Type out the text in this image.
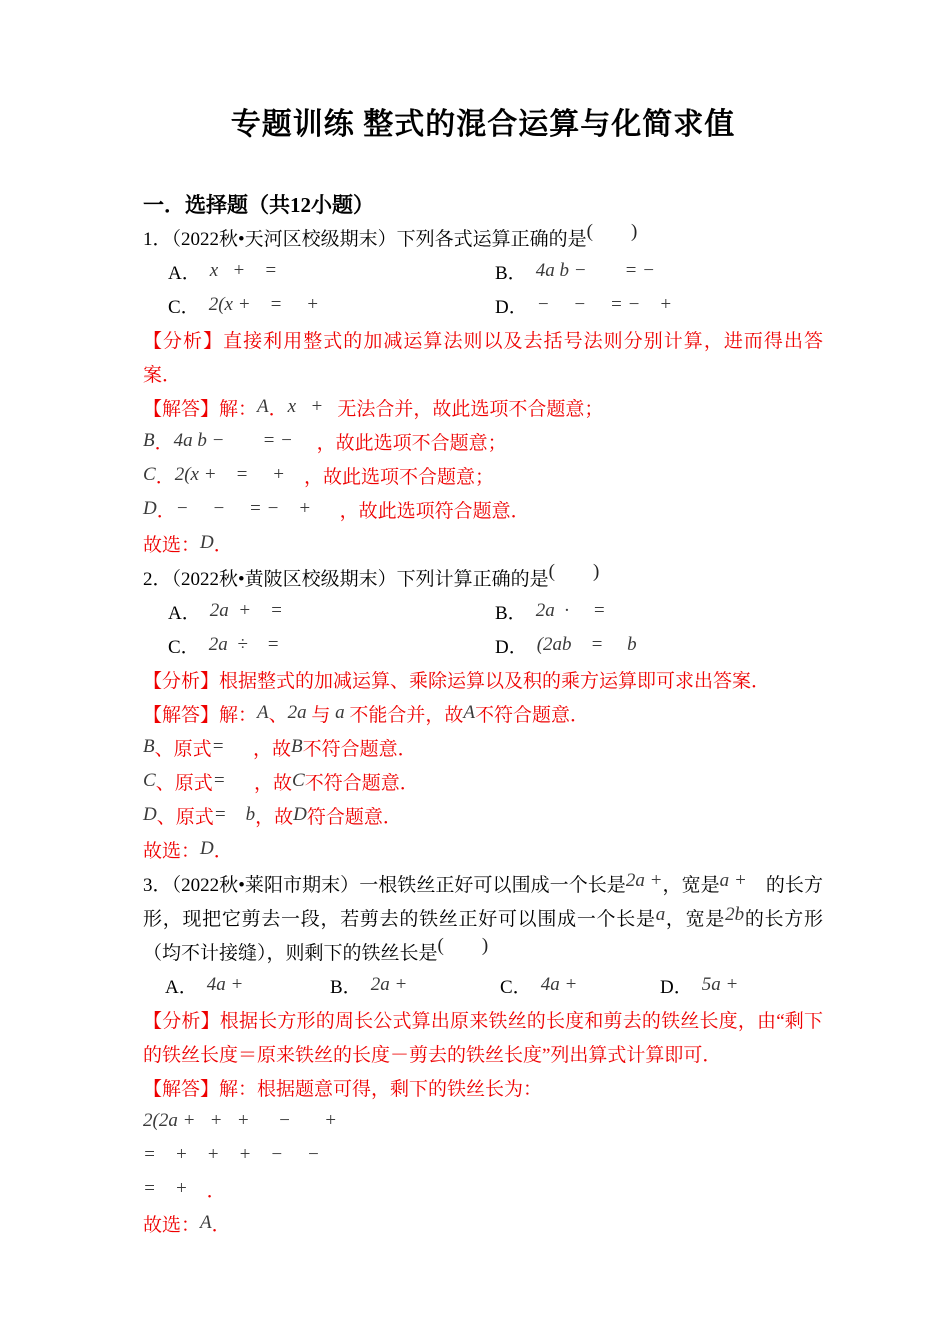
专题训练 整式的混合运算与化简求值
一．选择题（共12小题）
1．（2022秋•天河区校级期末）下列各式运算正确的是(　　)
A． x   +    =	B． 4a b −        = −
C． 2(x +    =     +	D． −     −     = −    +
【分析】直接利用整式的加减运算法则以及去括号法则分别计算，进而得出答案．
【解答】解：A．x   +   无法合并，故此选项不合题意；
B．4a b −        = −     ，故此选项不合题意；
C．2(x +    =     +    ，故此选项不合题意；
D．−     −     = −    +      ，故此选项符合题意．
故选：D．
2．（2022秋•黄陂区校级期末）下列计算正确的是(　　)
A． 2a  +    =	B． 2a  ·     =
C． 2a  ÷    =	D． (2ab    =     b
【分析】根据整式的加减运算、乘除运算以及积的乘方运算即可求出答案．
【解答】解：A、2a 与 a 不能合并，故A不符合题意．
B、原式=      ，故B不符合题意．
C、原式=      ，故C不符合题意．
D、原式=    b，故D符合题意．
故选：D．
3．（2022秋•莱阳市期末）一根铁丝正好可以围成一个长是2a +，宽是a +　的长方形，现把它剪去一段，若剪去的铁丝正好可以围成一个长是a，宽是2b的长方形（均不计接缝），则剩下的铁丝长是(　　)
A． 4a +	B． 2a +	C． 4a +	D． 5a +
【分析】根据长方形的周长公式算出原来铁丝的长度和剪去的铁丝长度，由“剩下的铁丝长度＝原来铁丝的长度－剪去的铁丝长度”列出算式计算即可．
【解答】解：根据题意可得，剩下的铁丝长为：
2(2a +   +   +      −       +
=    +    +    +    −     −
=    +　．
故选：A．
